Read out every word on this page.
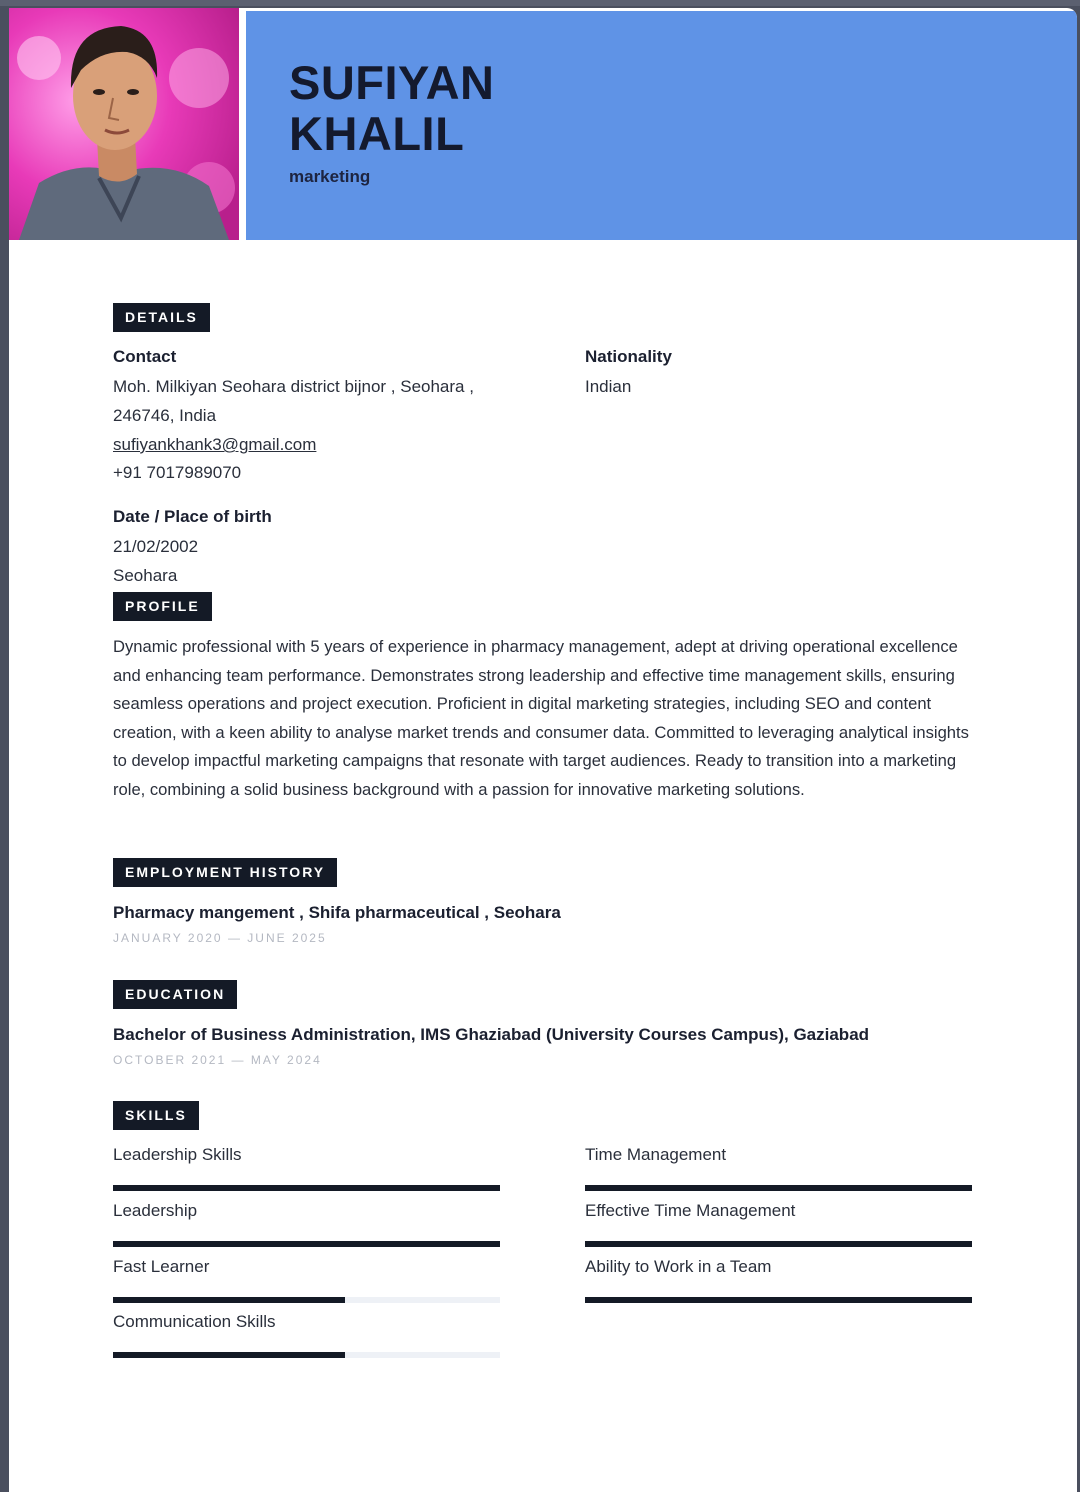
SUFIYAN
KHALIL
marketing
DETAILS
Contact
Moh. Milkiyan Seohara district bijnor , Seohara ,
246746, India
sufiyankhank3@gmail.com
+91 7017989070
Nationality
Indian
Date / Place of birth
21/02/2002
Seohara
PROFILE
Dynamic professional with 5 years of experience in pharmacy management, adept at driving operational excellence and enhancing team performance. Demonstrates strong leadership and effective time management skills, ensuring seamless operations and project execution. Proficient in digital marketing strategies, including SEO and content creation, with a keen ability to analyse market trends and consumer data. Committed to leveraging analytical insights to develop impactful marketing campaigns that resonate with target audiences. Ready to transition into a marketing role, combining a solid business background with a passion for innovative marketing solutions.
EMPLOYMENT HISTORY
Pharmacy mangement , Shifa pharmaceutical , Seohara
JANUARY 2020 — JUNE 2025
EDUCATION
Bachelor of Business Administration, IMS Ghaziabad (University Courses Campus), Gaziabad
OCTOBER 2021 — MAY 2024
SKILLS
Leadership Skills
Leadership
Fast Learner
Communication Skills
Time Management
Effective Time Management
Ability to Work in a Team
